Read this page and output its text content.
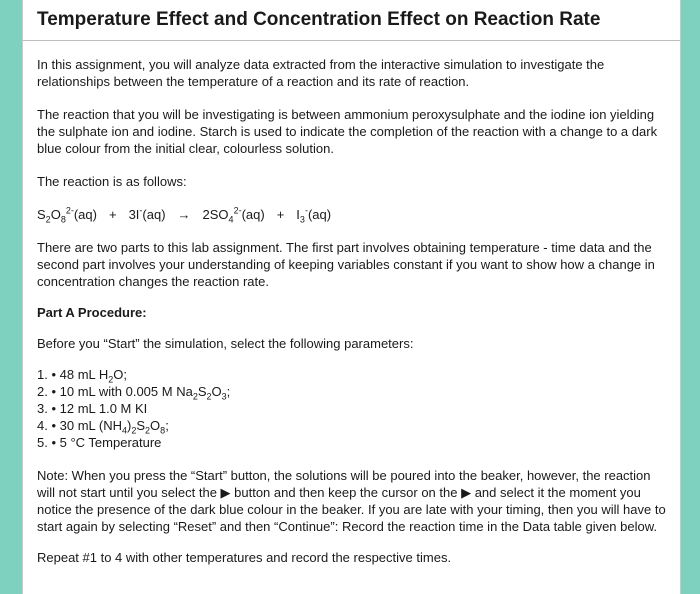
Temperature Effect and Concentration Effect on Reaction Rate

In this assignment, you will analyze data extracted from the interactive simulation to investigate the relationships between the temperature of a reaction and its rate of reaction.

The reaction that you will be investigating is between ammonium peroxysulphate and the iodine ion yielding the sulphate ion and iodine. Starch is used to indicate the completion of the reaction with a change to a dark blue colour from the initial clear, colourless solution.

The reaction is as follows:

$S_2O_8^{2-}(aq) + 3I^-(aq) \to 2SO_4^{2-}(aq) + I_3^-(aq)$

There are two parts to this lab assignment. The first part involves obtaining temperature - time data and the second part involves your understanding of keeping variables constant if you want to show how a change in concentration changes the reaction rate.

Part A Procedure:

Before you “Start” the simulation, select the following parameters:

1. • 48 mL $H_2O$;
2. • 10 mL with 0.005 M $Na_2S_2O_3$;
3. • 12 mL 1.0 M KI
4. • 30 mL $(NH_4)_2S_2O_8$;
5. • 5 °C Temperature

Note: When you press the “Start” button, the solutions will be poured into the beaker, however, the reaction will not start until you select the ▶ button and then keep the cursor on the ▶ and select it the moment you notice the presence of the dark blue colour in the beaker. If you are late with your timing, then you will have to start again by selecting “Reset” and then “Continue”: Record the reaction time in the Data table given below.

Repeat #1 to 4 with other temperatures and record the respective times.
